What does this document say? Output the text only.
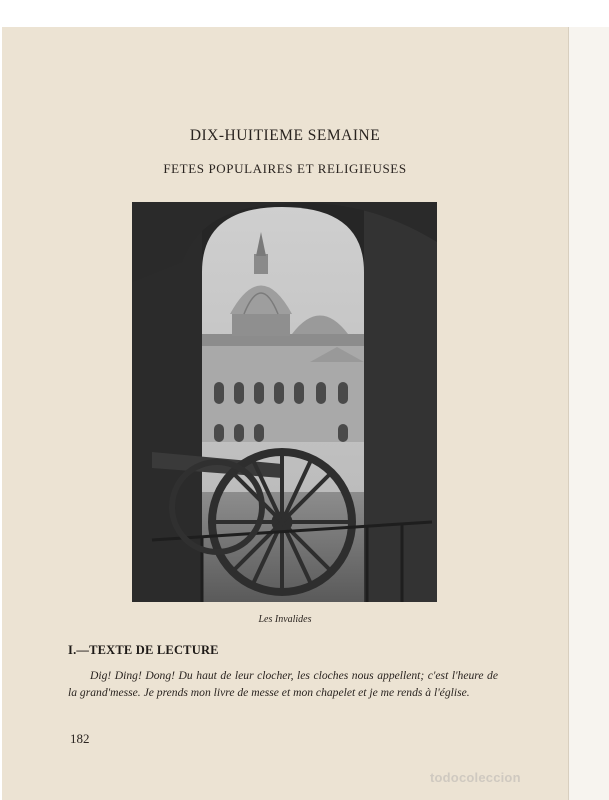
DIX-HUITIEME SEMAINE
FETES POPULAIRES ET RELIGIEUSES
Les Invalides
I.—TEXTE DE LECTURE

Dig! Ding! Dong! Du haut de leur clocher, les cloches nous appellent; c'est l'heure de la grand'messe. Je prends mon livre de messe et mon chapelet et je me rends à l'église.

182
todocoleccion
